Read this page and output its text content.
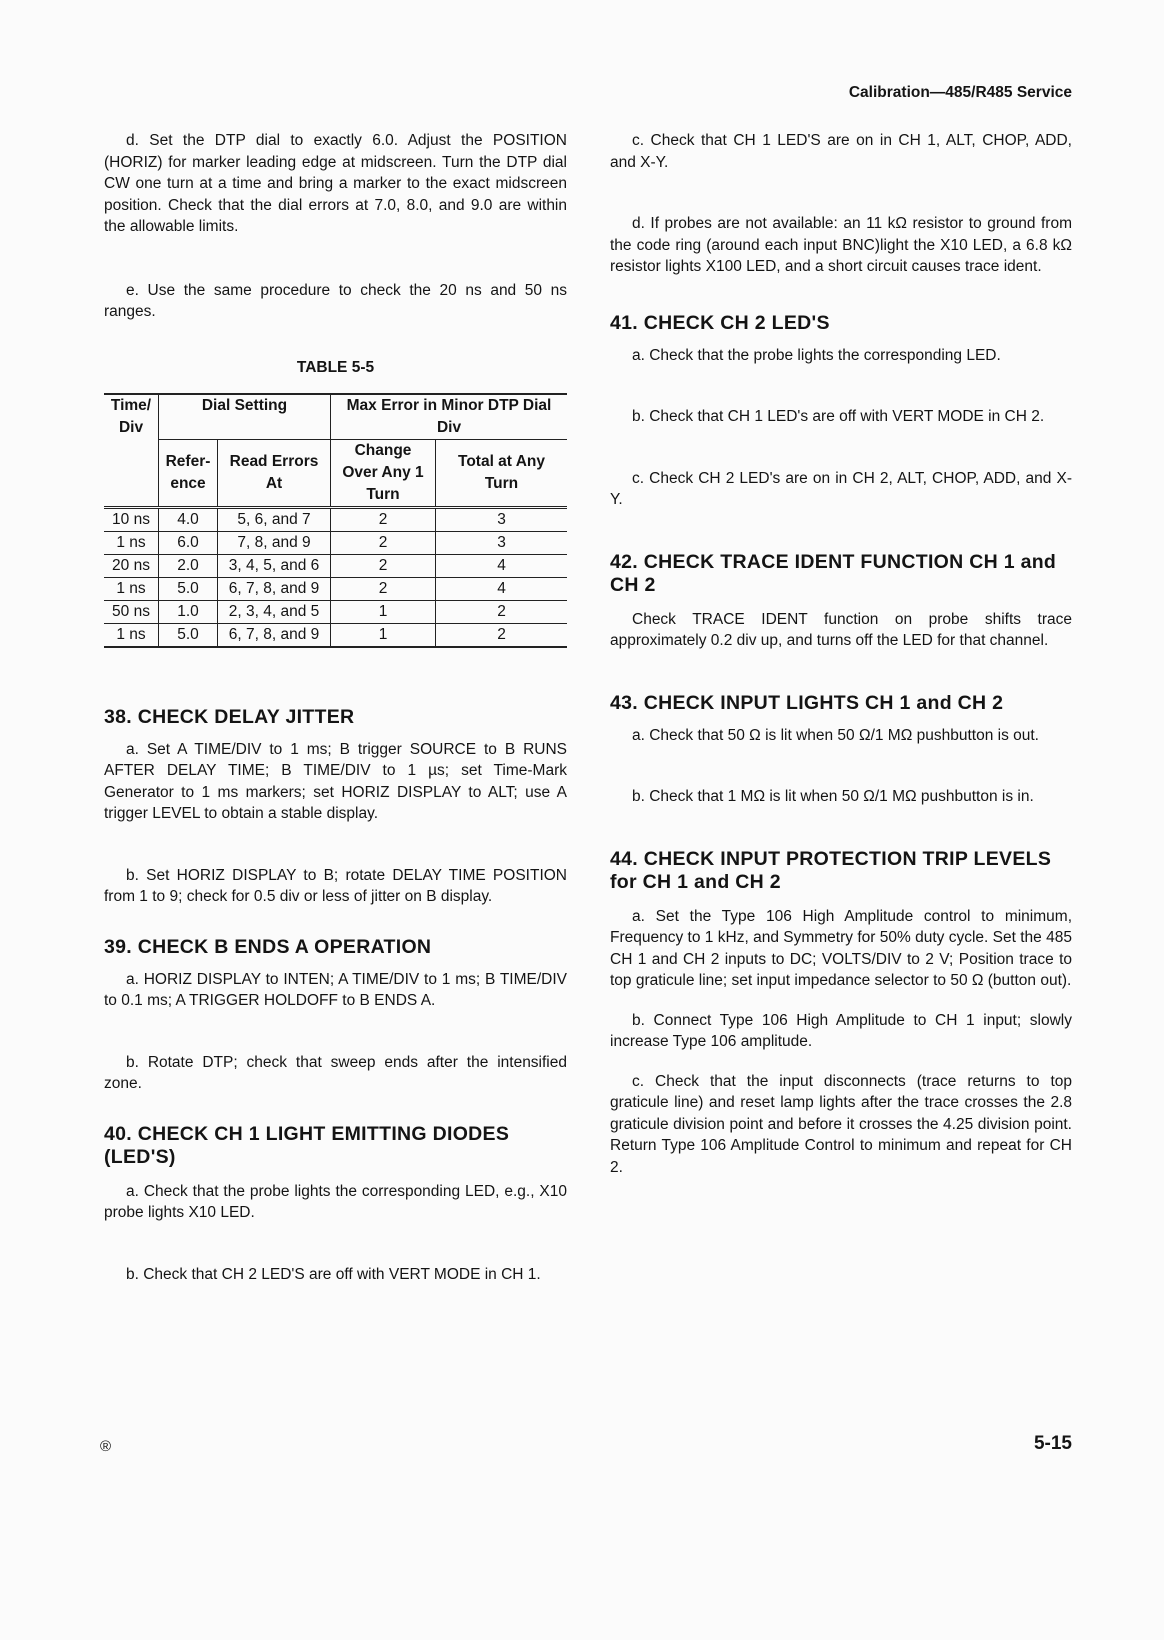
Calibration—485/R485 Service

d. Set the DTP dial to exactly 6.0. Adjust the POSITION (HORIZ) for marker leading edge at midscreen. Turn the DTP dial CW one turn at a time and bring a marker to the exact midscreen position. Check that the dial errors at 7.0, 8.0, and 9.0 are within the allowable limits.

e. Use the same procedure to check the 20 ns and 50 ns ranges.

TABLE 5-5
Time/ Div	Dial Setting		Max Error in Minor DTP Dial Div	
	Refer- ence	Read Errors At	Change Over Any 1 Turn	Total at Any Turn
10 ns	4.0	5, 6, and 7	2	3
1 ns	6.0	7, 8, and 9	2	3
20 ns	2.0	3, 4, 5, and 6	2	4
1 ns	5.0	6, 7, 8, and 9	2	4
50 ns	1.0	2, 3, 4, and 5	1	2
1 ns	5.0	6, 7, 8, and 9	1	2
38. CHECK DELAY JITTER

a. Set A TIME/DIV to 1 ms; B trigger SOURCE to B RUNS AFTER DELAY TIME; B TIME/DIV to 1 µs; set Time-Mark Generator to 1 ms markers; set HORIZ DISPLAY to ALT; use A trigger LEVEL to obtain a stable display.

b. Set HORIZ DISPLAY to B; rotate DELAY TIME POSITION from 1 to 9; check for 0.5 div or less of jitter on B display.

39. CHECK B ENDS A OPERATION

a. HORIZ DISPLAY to INTEN; A TIME/DIV to 1 ms; B TIME/DIV to 0.1 ms; A TRIGGER HOLDOFF to B ENDS A.

b. Rotate DTP; check that sweep ends after the intensified zone.

40. CHECK CH 1 LIGHT EMITTING DIODES (LED'S)

a. Check that the probe lights the corresponding LED, e.g., X10 probe lights X10 LED.

b. Check that CH 2 LED'S are off with VERT MODE in CH 1.

c. Check that CH 1 LED'S are on in CH 1, ALT, CHOP, ADD, and X-Y.

d. If probes are not available: an 11 kΩ resistor to ground from the code ring (around each input BNC)light the X10 LED, a 6.8 kΩ resistor lights X100 LED, and a short circuit causes trace ident.

41. CHECK CH 2 LED'S

a. Check that the probe lights the corresponding LED.

b. Check that CH 1 LED's are off with VERT MODE in CH 2.

c. Check CH 2 LED's are on in CH 2, ALT, CHOP, ADD, and X-Y.

42. CHECK TRACE IDENT FUNCTION CH 1 and CH 2

Check TRACE IDENT function on probe shifts trace approximately 0.2 div up, and turns off the LED for that channel.

43. CHECK INPUT LIGHTS CH 1 and CH 2

a. Check that 50 Ω is lit when 50 Ω/1 MΩ pushbutton is out.

b. Check that 1 MΩ is lit when 50 Ω/1 MΩ pushbutton is in.

44. CHECK INPUT PROTECTION TRIP LEVELS for CH 1 and CH 2

a. Set the Type 106 High Amplitude control to minimum, Frequency to 1 kHz, and Symmetry for 50% duty cycle. Set the 485 CH 1 and CH 2 inputs to DC; VOLTS/DIV to 2 V; Position trace to top graticule line; set input impedance selector to 50 Ω (button out).

b. Connect Type 106 High Amplitude to CH 1 input; slowly increase Type 106 amplitude.

c. Check that the input disconnects (trace returns to top graticule line) and reset lamp lights after the trace crosses the 2.8 graticule division point and before it crosses the 4.25 division point. Return Type 106 Amplitude Control to minimum and repeat for CH 2.

®	5-15
